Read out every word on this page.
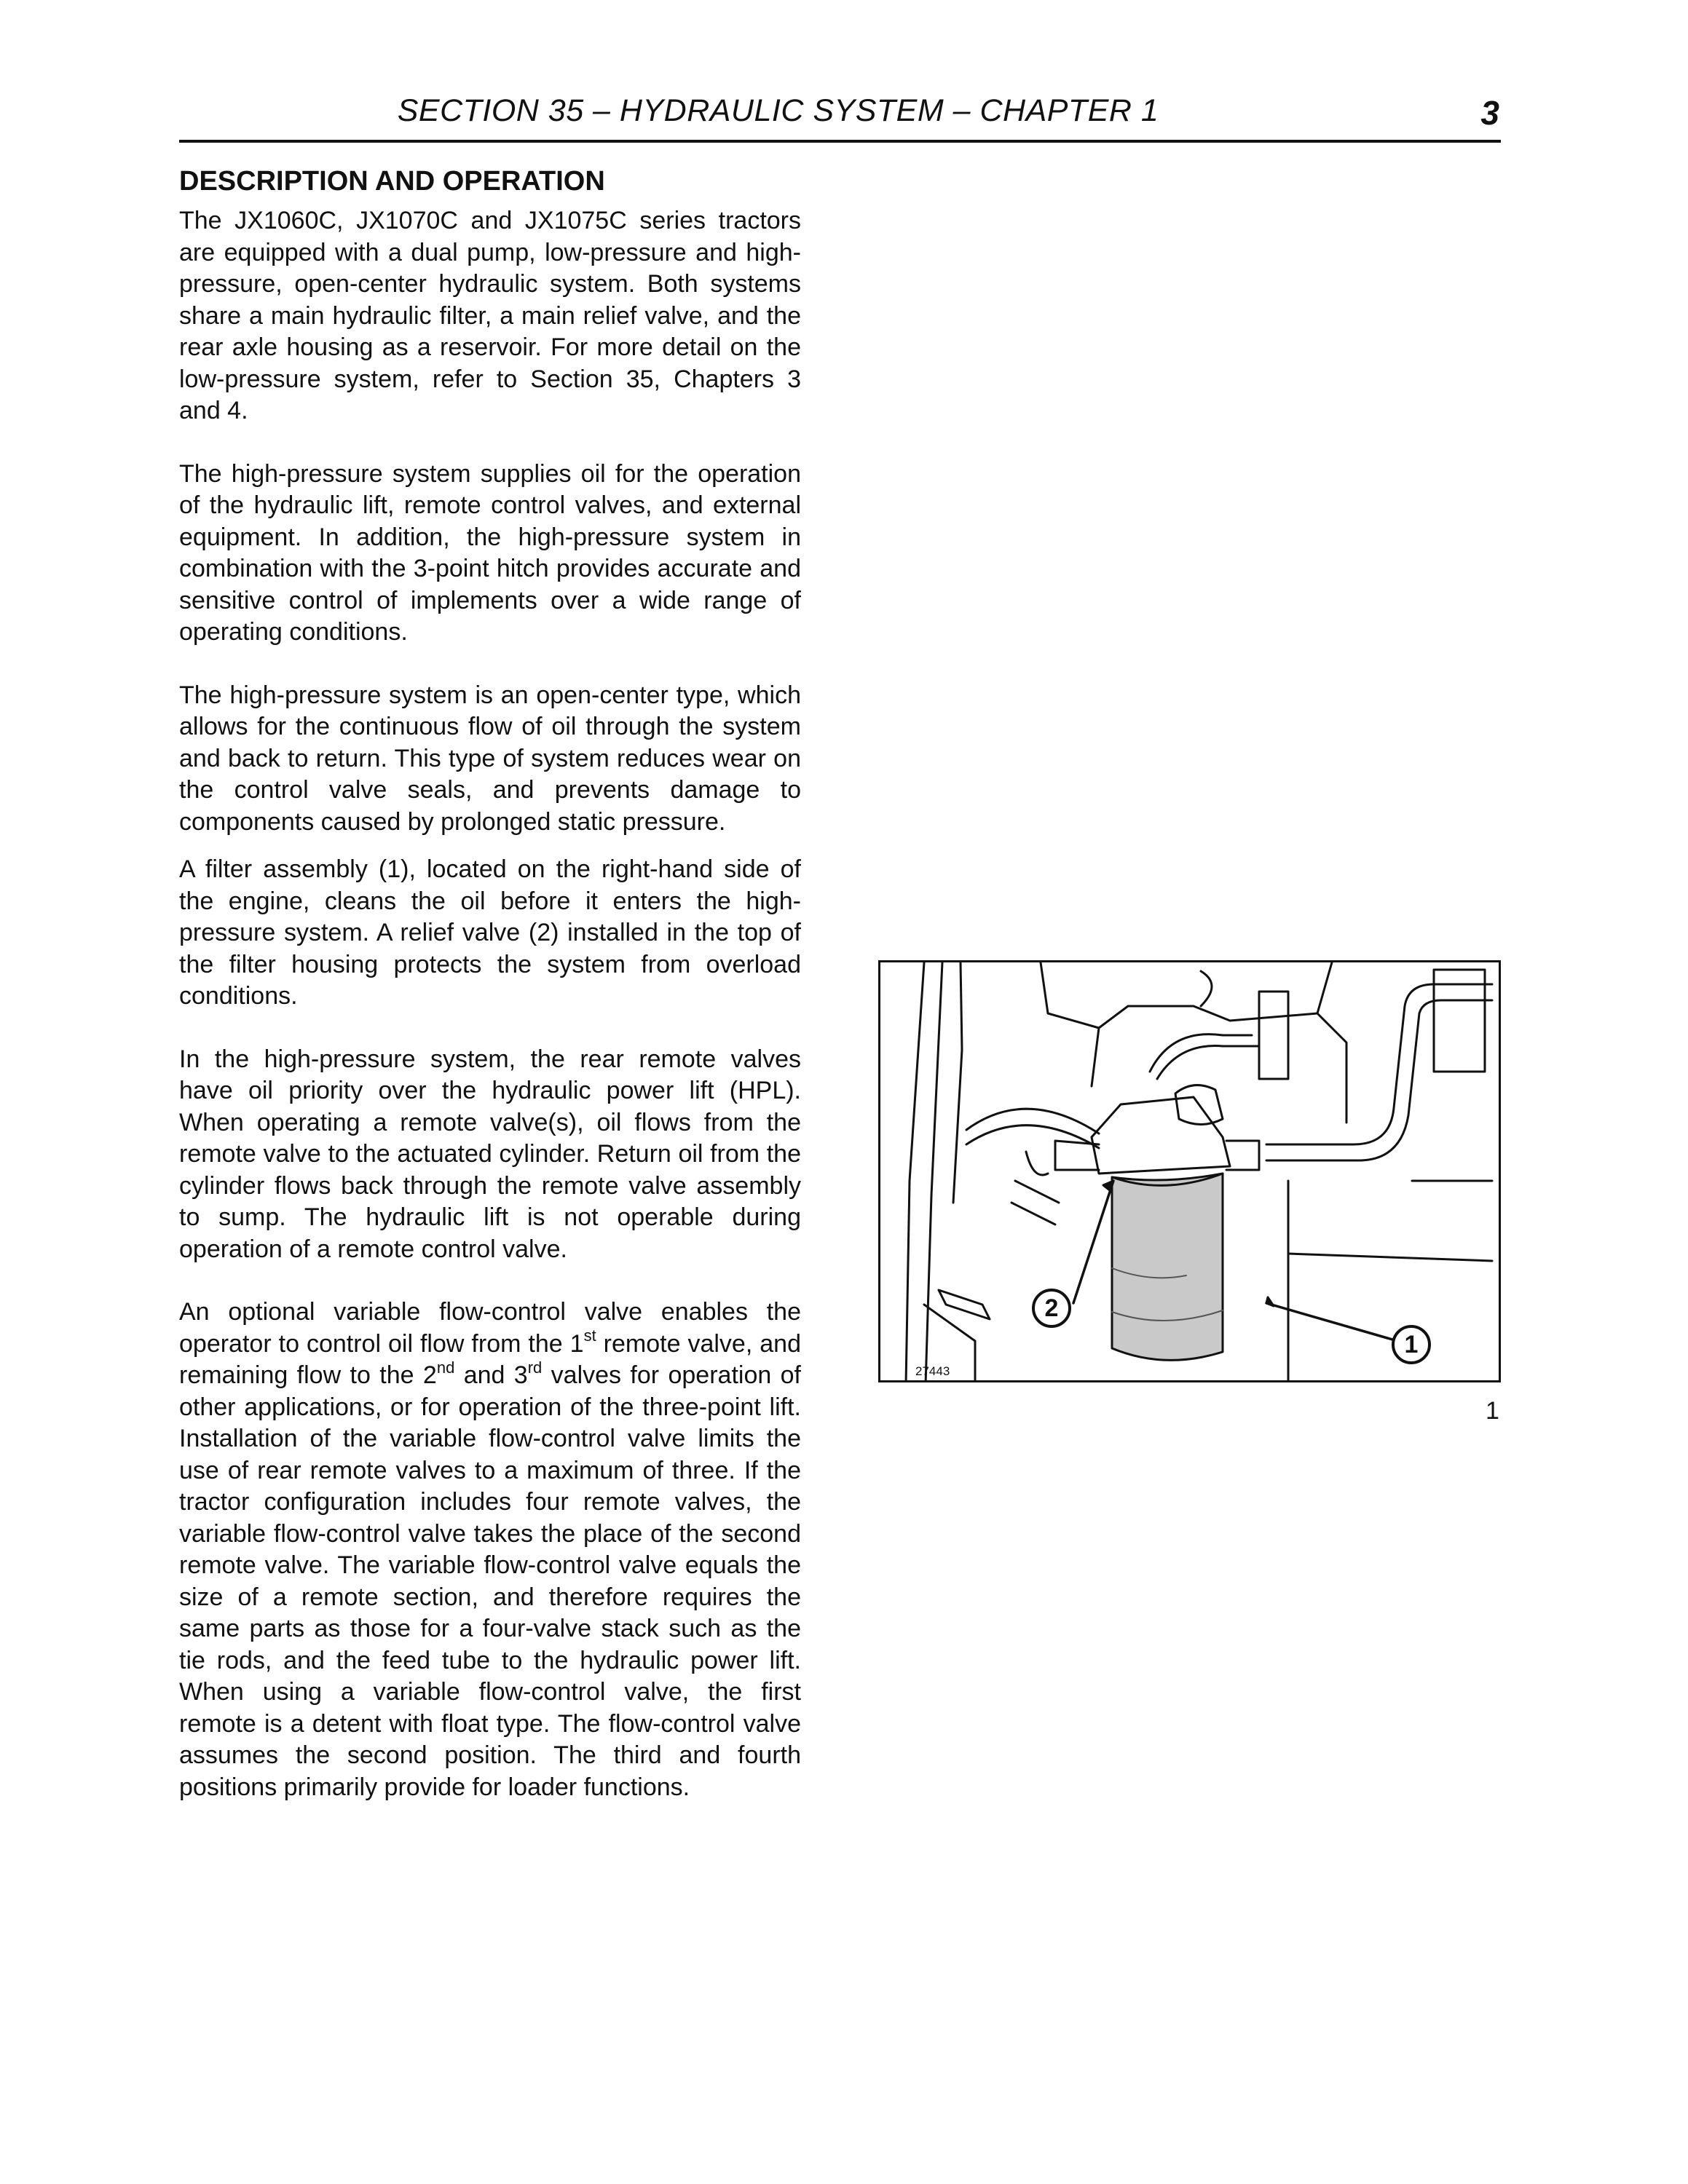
SECTION 35 – HYDRAULIC SYSTEM – CHAPTER 1	3
DESCRIPTION AND OPERATION

The JX1060C, JX1070C and JX1075C series tractors are equipped with a dual pump, low-pressure and high-pressure, open-center hydraulic system. Both systems share a main hydraulic filter, a main relief valve, and the rear axle housing as a reservoir. For more detail on the low-pressure system, refer to Section 35, Chapters 3 and 4.

The high-pressure system supplies oil for the operation of the hydraulic lift, remote control valves, and external equipment. In addition, the high-pressure system in combination with the 3-point hitch provides accurate and sensitive control of implements over a wide range of operating conditions.

The high-pressure system is an open-center type, which allows for the continuous flow of oil through the system and back to return. This type of system reduces wear on the control valve seals, and prevents damage to components caused by prolonged static pressure.

A filter assembly (1), located on the right-hand side of the engine, cleans the oil before it enters the high-pressure system. A relief valve (2) installed in the top of the filter housing protects the system from overload conditions.

In the high-pressure system, the rear remote valves have oil priority over the hydraulic power lift (HPL). When operating a remote valve(s), oil flows from the remote valve to the actuated cylinder. Return oil from the cylinder flows back through the remote valve assembly to sump. The hydraulic lift is not operable during operation of a remote control valve.

An optional variable flow-control valve enables the operator to control oil flow from the 1st remote valve, and remaining flow to the 2nd and 3rd valves for operation of other applications, or for operation of the three-point lift. Installation of the variable flow-control valve limits the use of rear remote valves to a maximum of three. If the tractor configuration includes four remote valves, the variable flow-control valve takes the place of the second remote valve. The variable flow-control valve equals the size of a remote section, and therefore requires the same parts as those for a four-valve stack such as the tie rods, and the feed tube to the hydraulic power lift. When using a variable flow-control valve, the first remote is a detent with float type. The flow-control valve assumes the second position. The third and fourth positions primarily provide for loader functions.

2
1
27443
1
